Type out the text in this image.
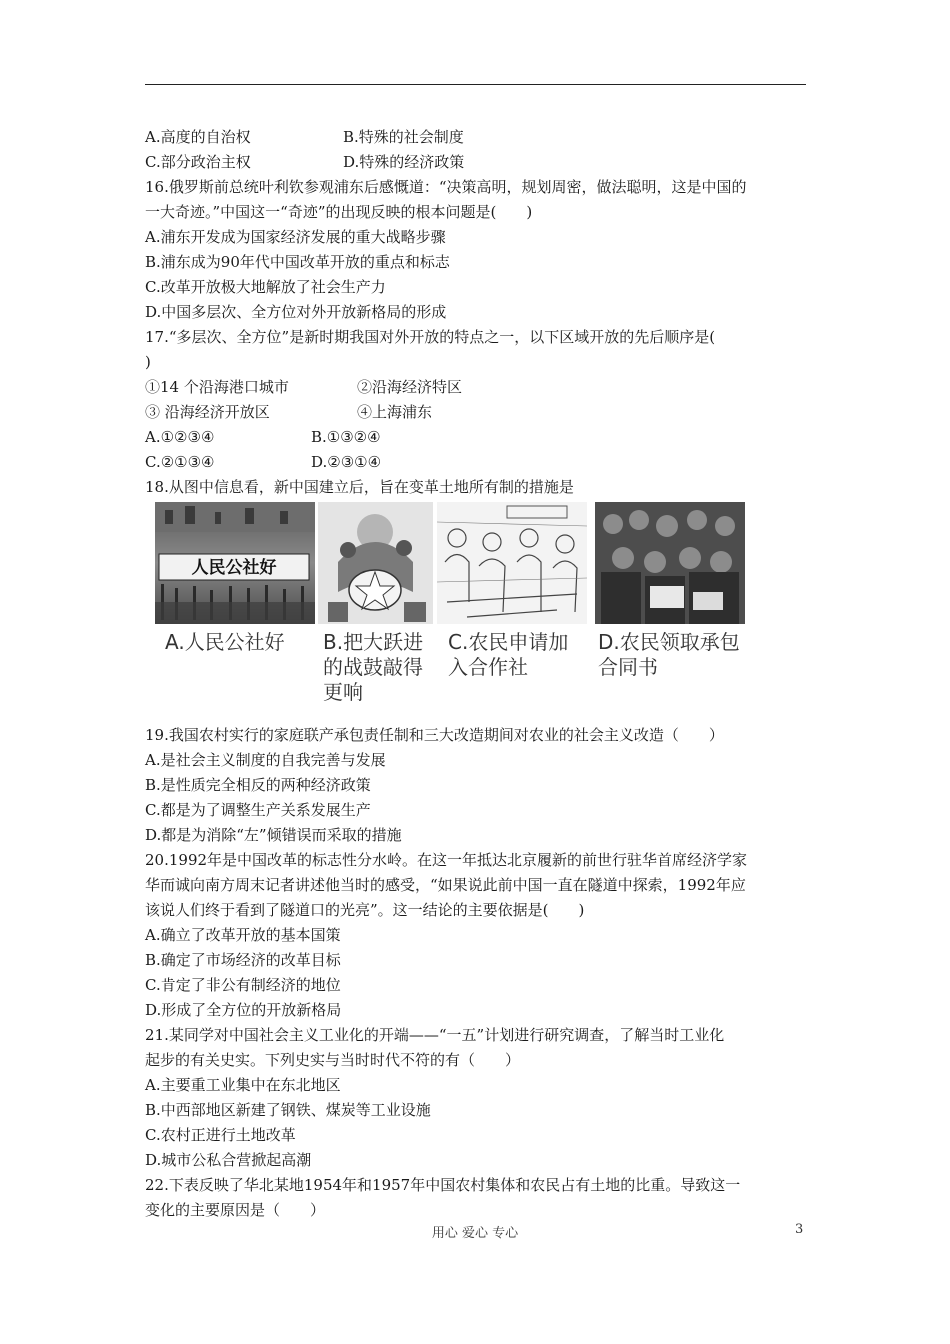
A.高度的自治权	B.特殊的社会制度
C.部分政治主权	D.特殊的经济政策
16.俄罗斯前总统叶利钦参观浦东后感慨道：“决策高明，规划周密，做法聪明，这是中国的
一大奇迹。”中国这一“奇迹”的出现反映的根本问题是(　　)
A.浦东开发成为国家经济发展的重大战略步骤
B.浦东成为90年代中国改革开放的重点和标志
C.改革开放极大地解放了社会生产力
D.中国多层次、全方位对外开放新格局的形成
17.“多层次、全方位”是新时期我国对外开放的特点之一，以下区域开放的先后顺序是(
)
①14 个沿海港口城市	②沿海经济特区
③ 沿海经济开放区	④上海浦东
A.①②③④	B.①③②④
C.②①③④	D.②③①④
18.从图中信息看，新中国建立后，旨在变革土地所有制的措施是
人民公社好
A.人民公社好	B.把大跃进的战鼓敲得更响
C.农民申请加入合作社
D.农民领取承包合同书
19.我国农村实行的家庭联产承包责任制和三大改造期间对农业的社会主义改造（　　）
A.是社会主义制度的自我完善与发展
B.是性质完全相反的两种经济政策
C.都是为了调整生产关系发展生产
D.都是为消除“左”倾错误而采取的措施
20.1992年是中国改革的标志性分水岭。在这一年抵达北京履新的前世行驻华首席经济学家
华而诚向南方周末记者讲述他当时的感受，“如果说此前中国一直在隧道中探索，1992年应
该说人们终于看到了隧道口的光亮”。这一结论的主要依据是(　　)
A.确立了改革开放的基本国策
B.确定了市场经济的改革目标
C.肯定了非公有制经济的地位
D.形成了全方位的开放新格局
21.某同学对中国社会主义工业化的开端——“一五”计划进行研究调查，了解当时工业化
起步的有关史实。下列史实与当时时代不符的有（　　）
A.主要重工业集中在东北地区
B.中西部地区新建了钢铁、煤炭等工业设施
C.农村正进行土地改革
D.城市公私合营掀起高潮
22.下表反映了华北某地1954年和1957年中国农村集体和农民占有土地的比重。导致这一
变化的主要原因是（　　）
用心 爱心 专心	3
